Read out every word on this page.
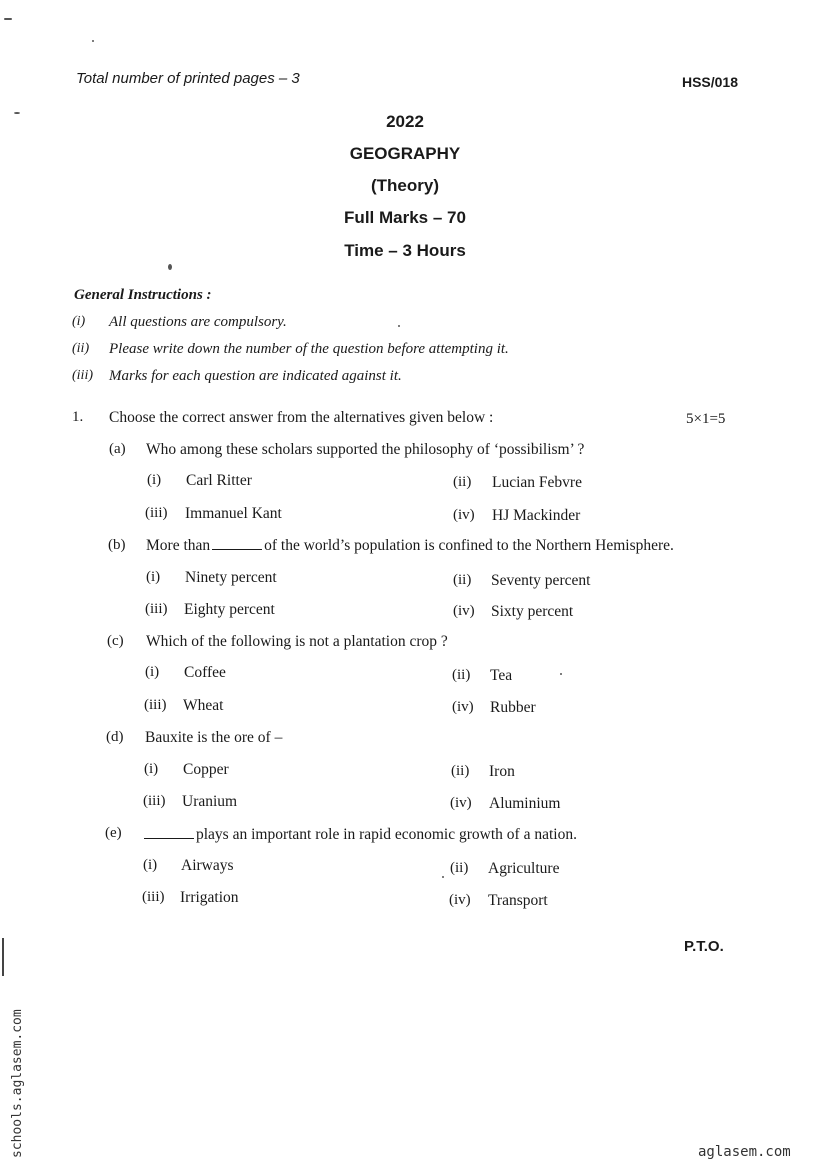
Total number of printed pages – 3	HSS/018
2022
GEOGRAPHY
(Theory)
Full Marks – 70
Time – 3 Hours
General Instructions :
(i) All questions are compulsory.
(ii) Please write down the number of the question before attempting it.
(iii) Marks for each question are indicated against it.
1. Choose the correct answer from the alternatives given below :	5×1=5
(a) Who among these scholars supported the philosophy of ‘possibilism’ ?
(i) Carl Ritter	(ii) Lucian Febvre
(iii) Immanuel Kant	(iv) HJ Mackinder
(b) More than	of the world’s population is confined to the Northern Hemisphere.
(i) Ninety percent	(ii) Seventy percent
(iii) Eighty percent	(iv) Sixty percent
(c) Which of the following is not a plantation crop ?
(i) Coffee	(ii) Tea
(iii) Wheat	(iv) Rubber
(d) Bauxite is the ore of –
(i) Copper	(ii) Iron
(iii) Uranium	(iv) Aluminium
(e)	plays an important role in rapid economic growth of a nation.
(i) Airways	(ii) Agriculture
(iii) Irrigation	(iv) Transport
P.T.O.
schools.aglasem.com	aglasem.com
